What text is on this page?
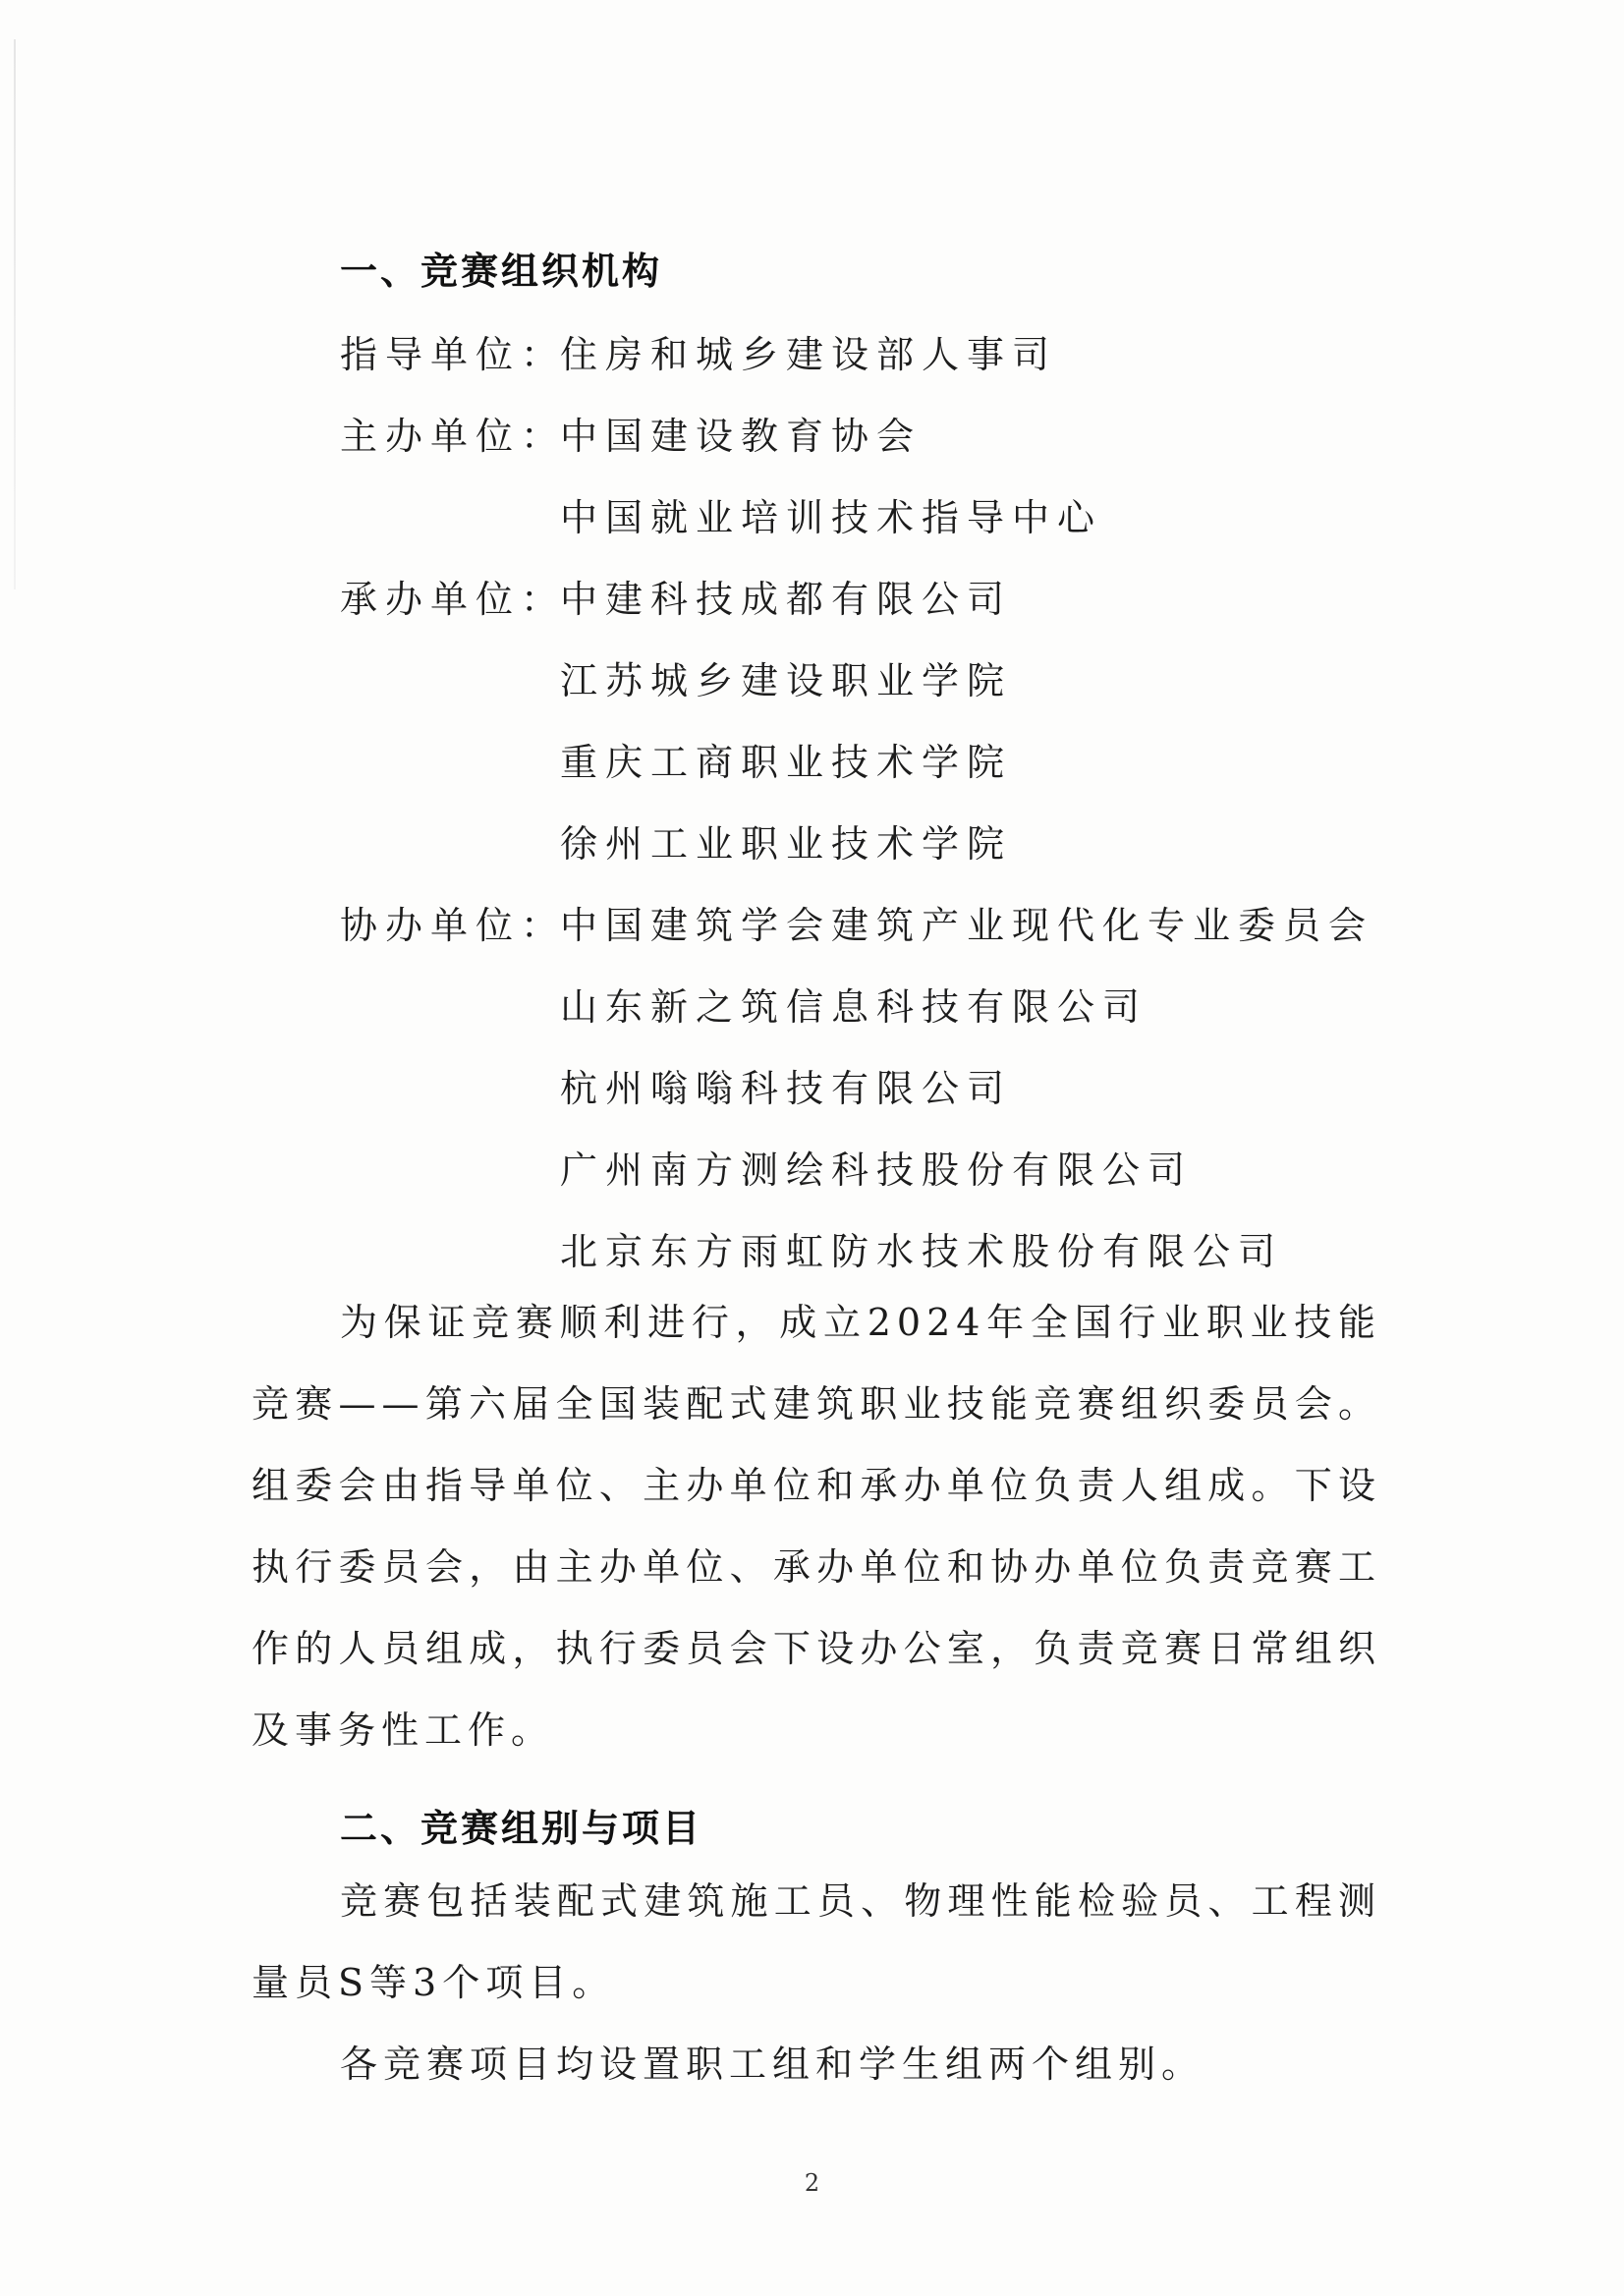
一、竞赛组织机构
指导单位：
住房和城乡建设部人事司
主办单位：
中国建设教育协会
中国就业培训技术指导中心
承办单位：
中建科技成都有限公司
江苏城乡建设职业学院
重庆工商职业技术学院
徐州工业职业技术学院
协办单位：
中国建筑学会建筑产业现代化专业委员会
山东新之筑信息科技有限公司
杭州嗡嗡科技有限公司
广州南方测绘科技股份有限公司
北京东方雨虹防水技术股份有限公司

为保证竞赛顺利进行，成立2024年全国行业职业技能竞赛——第六届全国装配式建筑职业技能竞赛组织委员会。组委会由指导单位、主办单位和承办单位负责人组成。下设执行委员会，由主办单位、承办单位和协办单位负责竞赛工作的人员组成，执行委员会下设办公室，负责竞赛日常组织及事务性工作。

二、竞赛组别与项目

竞赛包括装配式建筑施工员、物理性能检验员、工程测量员S等3个项目。

各竞赛项目均设置职工组和学生组两个组别。

2
